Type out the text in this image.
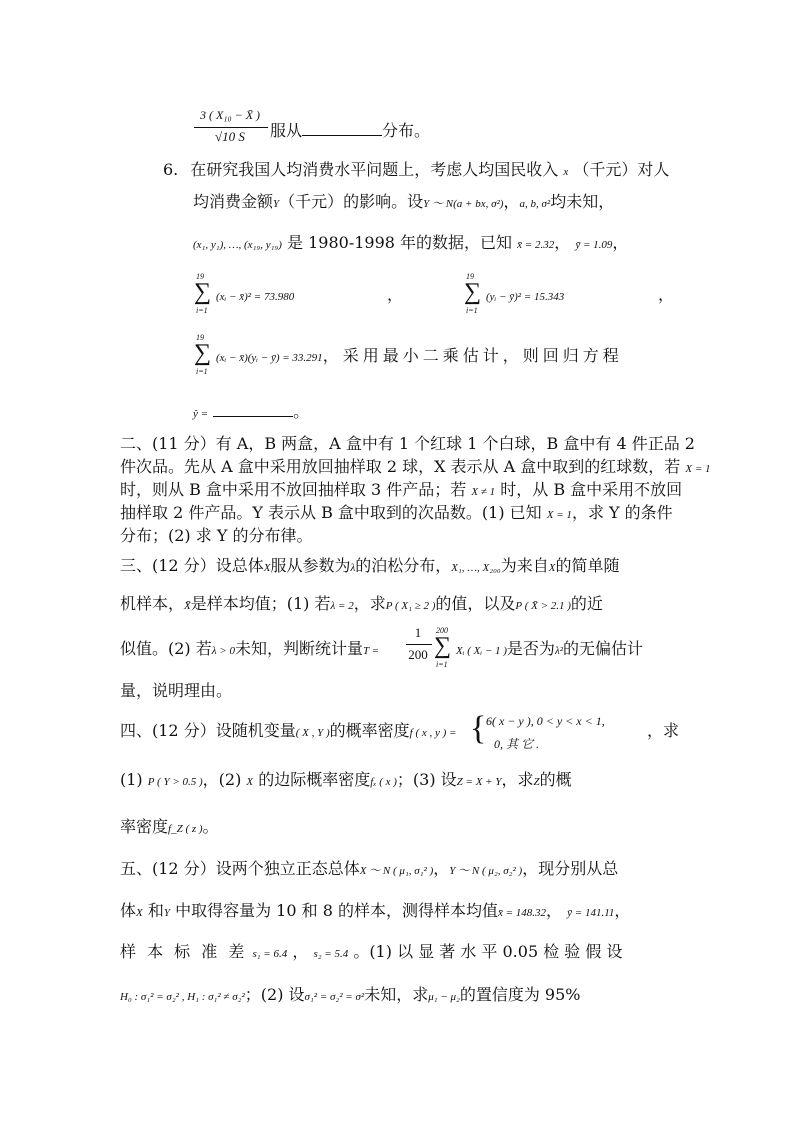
3 ( X₁₀ − X̄ )
√10 S	服从	分布。
6. 在研究我国人均消费水平问题上，考虑人均国民收入 x （千元）对人
均消费金额Y（千元）的影响。设Y ～ N(a + bx, σ²)，a, b, σ²均未知，
(x₁, y₁), …, (x₁₉, y₁₉) 是 1980-1998 年的数据，已知 x̄ = 2.32， ȳ = 1.09，
19
∑
i=1
(xᵢ − x̄)² = 73.980	，
19
∑
i=1
(yᵢ − ȳ)² = 15.343	，
19
∑
i=1
(xᵢ − x̄)(yᵢ − ȳ) = 33.291，采用最小二乘估计，则回归方程
ŷ =	。
二、(11 分）有 A，B 两盒，A 盒中有 1 个红球 1 个白球，B 盒中有 4 件正品 2
件次品。先从 A 盒中采用放回抽样取 2 球，X 表示从 A 盒中取到的红球数，若 X = 1
时，则从 B 盒中采用不放回抽样取 3 件产品；若 X ≠ 1 时，从 B 盒中采用不放回
抽样取 2 件产品。Y 表示从 B 盒中取到的次品数。(1) 已知 X = 1，求 Y 的条件
分布；(2) 求 Y 的分布律。
三、(12 分）设总体X服从参数为λ的泊松分布，X₁, …, X₂₀₀为来自X的简单随
机样本，X̄是样本均值；(1) 若λ = 2，求P ( X₁ ≥ 2 )的值，以及P ( X̄ > 2.1 )的近
似值。(2) 若λ > 0未知，判断统计量T =
1
200
200
∑
i=1
Xᵢ ( Xᵢ − 1 )是否为λ²的无偏估计
量，说明理由。
四、(12 分）设随机变量( X , Y )的概率密度f ( x , y ) = { 6( x − y ), 0 < y < x < 1,
0, 其 它 .
，求
(1) P ( Y > 0.5 )，(2) X 的边际概率密度fₓ ( x )；(3) 设Z = X + Y，求Z的概
率密度f_Z ( z )。
五、(12 分）设两个独立正态总体X ～ N ( μ₁, σ₁² )，Y ～ N ( μ₂, σ₂² )，现分别从总
体X 和Y 中取得容量为 10 和 8 的样本，测得样本均值x̄ = 148.32， ȳ = 141.11，
样 本 标 准 差 s₁ = 6.4 ， s₂ = 5.4 。(1) 以 显 著 水 平 0.05 检 验 假 设
H₀ : σ₁² = σ₂² , H₁ : σ₁² ≠ σ₂²；(2) 设σ₁² = σ₂² = σ²未知，求μ₁ − μ₂的置信度为 95%
